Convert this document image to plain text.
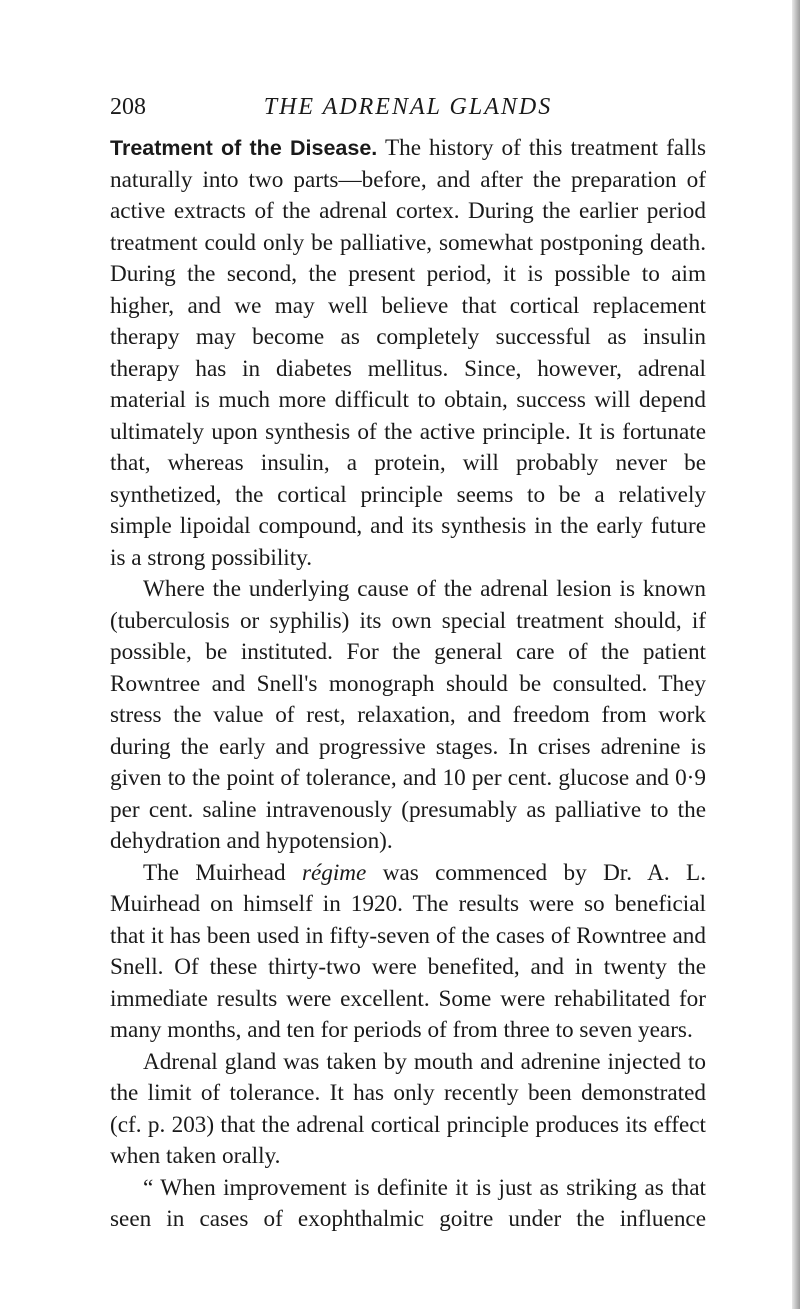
208	THE ADRENAL GLANDS

Treatment of the Disease. The history of this treatment falls naturally into two parts—before, and after the preparation of active extracts of the adrenal cortex. During the earlier period treatment could only be palliative, somewhat postponing death. During the second, the present period, it is possible to aim higher, and we may well believe that cortical replacement therapy may become as completely successful as insulin therapy has in diabetes mellitus. Since, however, adrenal material is much more difficult to obtain, success will depend ultimately upon synthesis of the active principle. It is fortunate that, whereas insulin, a protein, will probably never be synthetized, the cortical principle seems to be a relatively simple lipoidal compound, and its synthesis in the early future is a strong possibility.

Where the underlying cause of the adrenal lesion is known (tuberculosis or syphilis) its own special treatment should, if possible, be instituted. For the general care of the patient Rowntree and Snell's monograph should be consulted. They stress the value of rest, relaxation, and freedom from work during the early and progressive stages. In crises adrenine is given to the point of tolerance, and 10 per cent. glucose and 0·9 per cent. saline intravenously (presumably as palliative to the dehydration and hypotension).

The Muirhead régime was commenced by Dr. A. L. Muirhead on himself in 1920. The results were so beneficial that it has been used in fifty-seven of the cases of Rowntree and Snell. Of these thirty-two were benefited, and in twenty the immediate results were excellent. Some were rehabilitated for many months, and ten for periods of from three to seven years.

Adrenal gland was taken by mouth and adrenine injected to the limit of tolerance. It has only recently been demonstrated (cf. p. 203) that the adrenal cortical principle produces its effect when taken orally.

“ When improvement is definite it is just as striking as that seen in cases of exophthalmic goitre under the influence
